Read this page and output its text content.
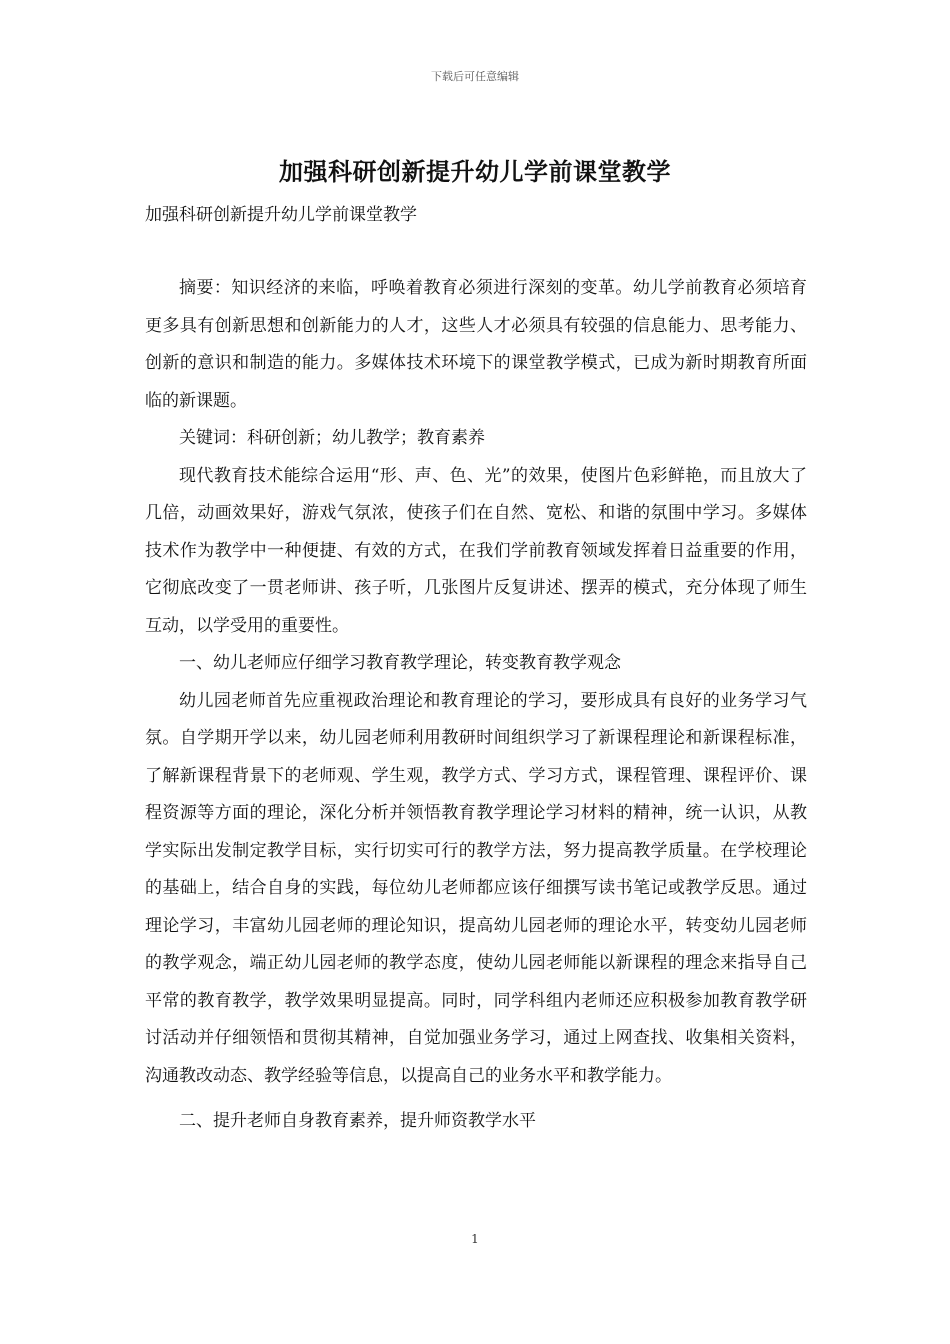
下载后可任意编辑
加强科研创新提升幼儿学前课堂教学
加强科研创新提升幼儿学前课堂教学

摘要：知识经济的来临，呼唤着教育必须进行深刻的变革。幼儿学前教育必须培育更多具有创新思想和创新能力的人才，这些人才必须具有较强的信息能力、思考能力、创新的意识和制造的能力。多媒体技术环境下的课堂教学模式，已成为新时期教育所面临的新课题。

关键词：科研创新；幼儿教学；教育素养

现代教育技术能综合运用“形、声、色、光”的效果，使图片色彩鲜艳，而且放大了几倍，动画效果好，游戏气氛浓，使孩子们在自然、宽松、和谐的氛围中学习。多媒体技术作为教学中一种便捷、有效的方式，在我们学前教育领域发挥着日益重要的作用，它彻底改变了一贯老师讲、孩子听，几张图片反复讲述、摆弄的模式，充分体现了师生互动，以学受用的重要性。

一、幼儿老师应仔细学习教育教学理论，转变教育教学观念

幼儿园老师首先应重视政治理论和教育理论的学习，要形成具有良好的业务学习气氛。自学期开学以来，幼儿园老师利用教研时间组织学习了新课程理论和新课程标准，了解新课程背景下的老师观、学生观，教学方式、学习方式，课程管理、课程评价、课程资源等方面的理论，深化分析并领悟教育教学理论学习材料的精神，统一认识，从教学实际出发制定教学目标，实行切实可行的教学方法，努力提高教学质量。在学校理论的基础上，结合自身的实践，每位幼儿老师都应该仔细撰写读书笔记或教学反思。通过理论学习，丰富幼儿园老师的理论知识，提高幼儿园老师的理论水平，转变幼儿园老师的教学观念，端正幼儿园老师的教学态度，使幼儿园老师能以新课程的理念来指导自己平常的教育教学，教学效果明显提高。同时，同学科组内老师还应积极参加教育教学研讨活动并仔细领悟和贯彻其精神，自觉加强业务学习，通过上网查找、收集相关资料，沟通教改动态、教学经验等信息，以提高自己的业务水平和教学能力。

二、提升老师自身教育素养，提升师资教学水平

1
